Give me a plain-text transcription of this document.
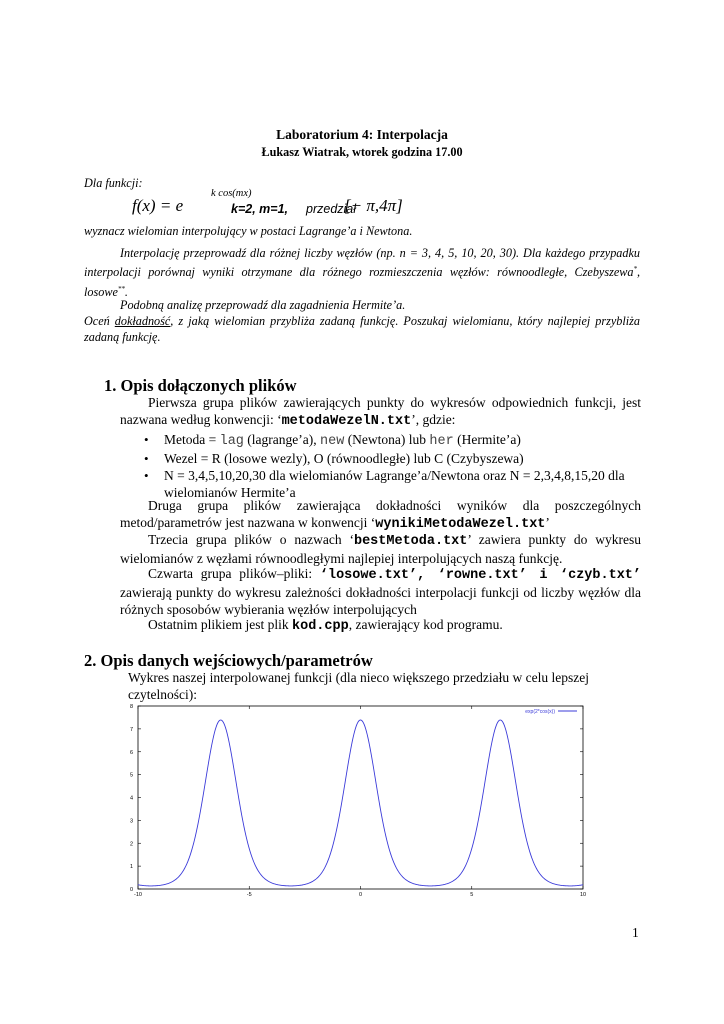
Laboratorium 4: Interpolacja
Łukasz Wiatrak, wtorek godzina 17.00
Dla funkcji:
f(x) = e
k cos(mx)
k=2, m=1, przedział
[− π,4π]
wyznacz wielomian interpolujący w postaci Lagrange’a i Newtona.
Interpolację przeprowadź dla różnej liczby węzłów (np. n = 3, 4, 5, 10, 20, 30). Dla każdego przypadku interpolacji porównaj wyniki otrzymane dla różnego rozmieszczenia węzłów: równoodległe, Czebyszewa*, losowe**.
Podobną analizę przeprowadź dla zagadnienia Hermite’a.
Oceń dokładność, z jaką wielomian przybliża zadaną funkcję. Poszukaj wielomianu, który najlepiej przybliża zadaną funkcję.
1. Opis dołączonych plików
Pierwsza grupa plików zawierających punkty do wykresów odpowiednich funkcji, jest nazwana według konwencji: ‘metodaWezelN.txt’, gdzie:
• Metoda = lag (lagrange’a), new (Newtona) lub her (Hermite’a)
• Wezel = R (losowe wezly), O (równoodległe) lub C (Czybyszewa)
• N = 3,4,5,10,20,30 dla wielomianów Lagrange’a/Newtona oraz N = 2,3,4,8,15,20 dla wielomianów Hermite’a
Druga grupa plików zawierająca dokładności wyników dla poszczególnych metod/parametrów jest nazwana w konwencji ‘wynikiMetodaWezel.txt’
Trzecia grupa plików o nazwach ‘bestMetoda.txt’ zawiera punkty do wykresu wielomianów z węzłami równoodległymi najlepiej interpolujących naszą funkcję.
Czwarta grupa plików–pliki: ‘losowe.txt’, ‘rowne.txt’ i ‘czyb.txt’ zawierają punkty do wykresu zależności dokładności interpolacji funkcji od liczby węzłów dla różnych sposobów wybierania węzłów interpolujących
Ostatnim plikiem jest plik kod.cpp, zawierający kod programu.
2. Opis danych wejściowych/parametrów
Wykres naszej interpolowanej funkcji (dla nieco większego przedziału w celu lepszej czytelności):
0
1
2
3
4
5
6
7
8
-10	-5	0	5	10
exp(2*cos(x))
1
